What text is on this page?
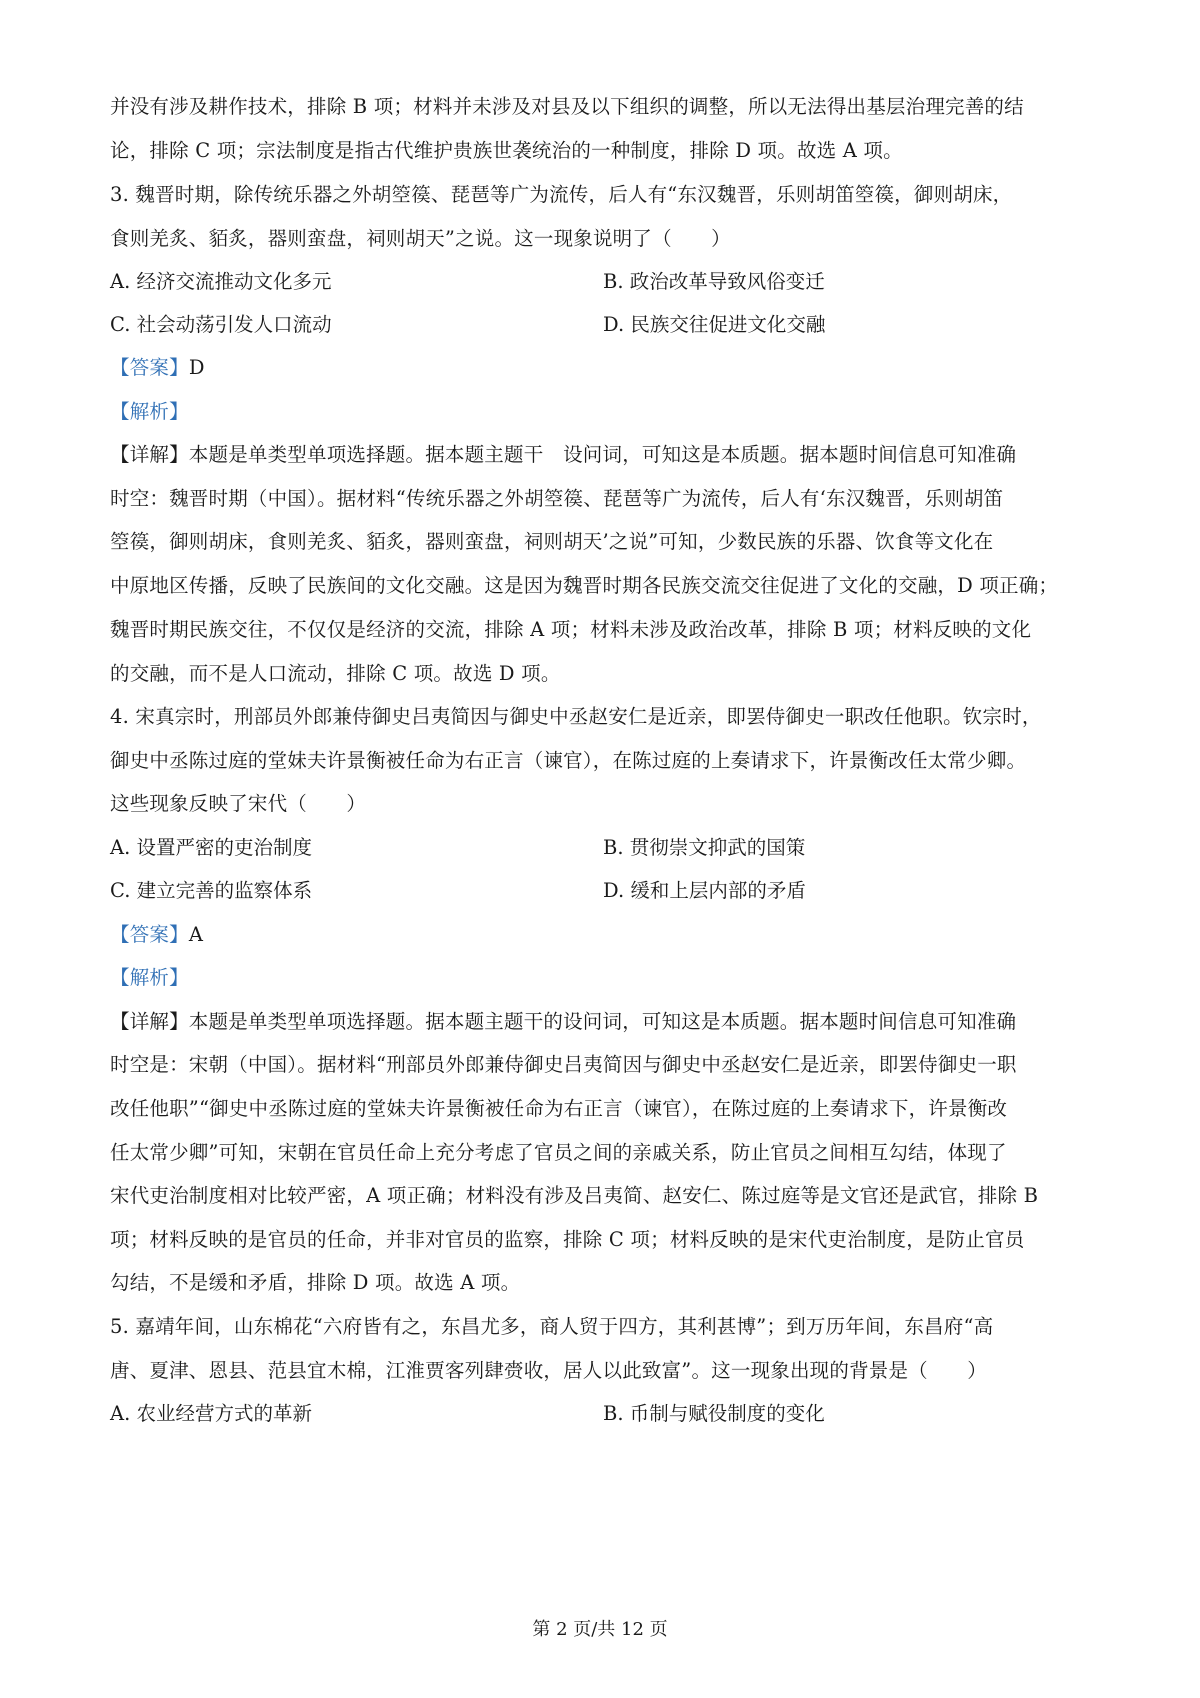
并没有涉及耕作技术，排除 B 项；材料并未涉及对县及以下组织的调整，所以无法得出基层治理完善的结
论，排除 C 项；宗法制度是指古代维护贵族世袭统治的一种制度，排除 D 项。故选 A 项。
3. 魏晋时期，除传统乐器之外胡箜篌、琵琶等广为流传，后人有“东汉魏晋，乐则胡笛箜篌，御则胡床，
食则羌炙、貊炙，器则蛮盘，祠则胡天”之说。这一现象说明了（　　）
A. 经济交流推动文化多元	B. 政治改革导致风俗变迁
C. 社会动荡引发人口流动	D. 民族交往促进文化交融
【答案】D
【解析】
【详解】本题是单类型单项选择题。据本题主题干　设问词，可知这是本质题。据本题时间信息可知准确
时空：魏晋时期（中国）。据材料“传统乐器之外胡箜篌、琵琶等广为流传，后人有‘东汉魏晋，乐则胡笛
箜篌，御则胡床，食则羌炙、貊炙，器则蛮盘，祠则胡天’之说”可知，少数民族的乐器、饮食等文化在
中原地区传播，反映了民族间的文化交融。这是因为魏晋时期各民族交流交往促进了文化的交融，D 项正确；
魏晋时期民族交往，不仅仅是经济的交流，排除 A 项；材料未涉及政治改革，排除 B 项；材料反映的文化
的交融，而不是人口流动，排除 C 项。故选 D 项。
4. 宋真宗时，刑部员外郎兼侍御史吕夷简因与御史中丞赵安仁是近亲，即罢侍御史一职改任他职。钦宗时，
御史中丞陈过庭的堂妹夫许景衡被任命为右正言（谏官），在陈过庭的上奏请求下，许景衡改任太常少卿。
这些现象反映了宋代（　　）
A. 设置严密的吏治制度	B. 贯彻崇文抑武的国策
C. 建立完善的监察体系	D. 缓和上层内部的矛盾
【答案】A
【解析】
【详解】本题是单类型单项选择题。据本题主题干的设问词，可知这是本质题。据本题时间信息可知准确
时空是：宋朝（中国）。据材料“刑部员外郎兼侍御史吕夷简因与御史中丞赵安仁是近亲，即罢侍御史一职
改任他职”“御史中丞陈过庭的堂妹夫许景衡被任命为右正言（谏官），在陈过庭的上奏请求下，许景衡改
任太常少卿”可知，宋朝在官员任命上充分考虑了官员之间的亲戚关系，防止官员之间相互勾结，体现了
宋代吏治制度相对比较严密，A 项正确；材料没有涉及吕夷简、赵安仁、陈过庭等是文官还是武官，排除 B
项；材料反映的是官员的任命，并非对官员的监察，排除 C 项；材料反映的是宋代吏治制度，是防止官员
勾结，不是缓和矛盾，排除 D 项。故选 A 项。
5. 嘉靖年间，山东棉花“六府皆有之，东昌尤多，商人贸于四方，其利甚博”；到万历年间，东昌府“高
唐、夏津、恩县、范县宜木棉，江淮贾客列肆赍收，居人以此致富”。这一现象出现的背景是（　　）
A. 农业经营方式的革新	B. 币制与赋役制度的变化
第 2 页/共 12 页
